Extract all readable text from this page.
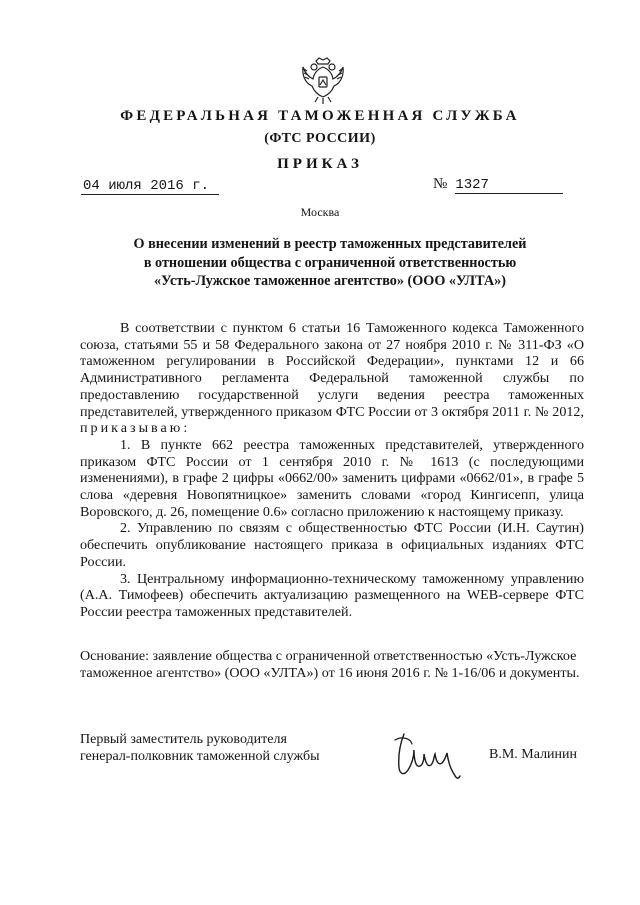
ФЕДЕРАЛЬНАЯ ТАМОЖЕННАЯ СЛУЖБА
(ФТС РОССИИ)
ПРИКАЗ
04 июля 2016 г.	№ 1327
Москва
О внесении изменений в реестр таможенных представителей
в отношении общества с ограниченной ответственностью
«Усть-Лужское таможенное агентство» (ООО «УЛТА»)

В соответствии с пунктом 6 статьи 16 Таможенного кодекса Таможенного союза, статьями 55 и 58 Федерального закона от 27 ноября 2010 г. № 311-ФЗ «О таможенном регулировании в Российской Федерации», пунктами 12 и 66 Административного регламента Федеральной таможенной службы по предоставлению государственной услуги ведения реестра таможенных представителей, утвержденного приказом ФТС России от 3 октября 2011 г. № 2012, приказываю:

1. В пункте 662 реестра таможенных представителей, утвержденного приказом ФТС России от 1 сентября 2010 г. № 1613 (с последующими изменениями), в графе 2 цифры «0662/00» заменить цифрами «0662/01», в графе 5 слова «деревня Новопятницкое» заменить словами «город Кингисепп, улица Воровского, д. 26, помещение 0.6» согласно приложению к настоящему приказу.

2. Управлению по связям с общественностью ФТС России (И.Н. Саутин) обеспечить опубликование настоящего приказа в официальных изданиях ФТС России.

3. Центральному информационно-техническому таможенному управлению (А.А. Тимофеев) обеспечить актуализацию размещенного на WEB-сервере ФТС России реестра таможенных представителей.

Основание: заявление общества с ограниченной ответственностью «Усть-Лужское таможенное агентство» (ООО «УЛТА») от 16 июня 2016 г. № 1-16/06 и документы.
Первый заместитель руководителя
генерал-полковник таможенной службы	В.М. Малинин
